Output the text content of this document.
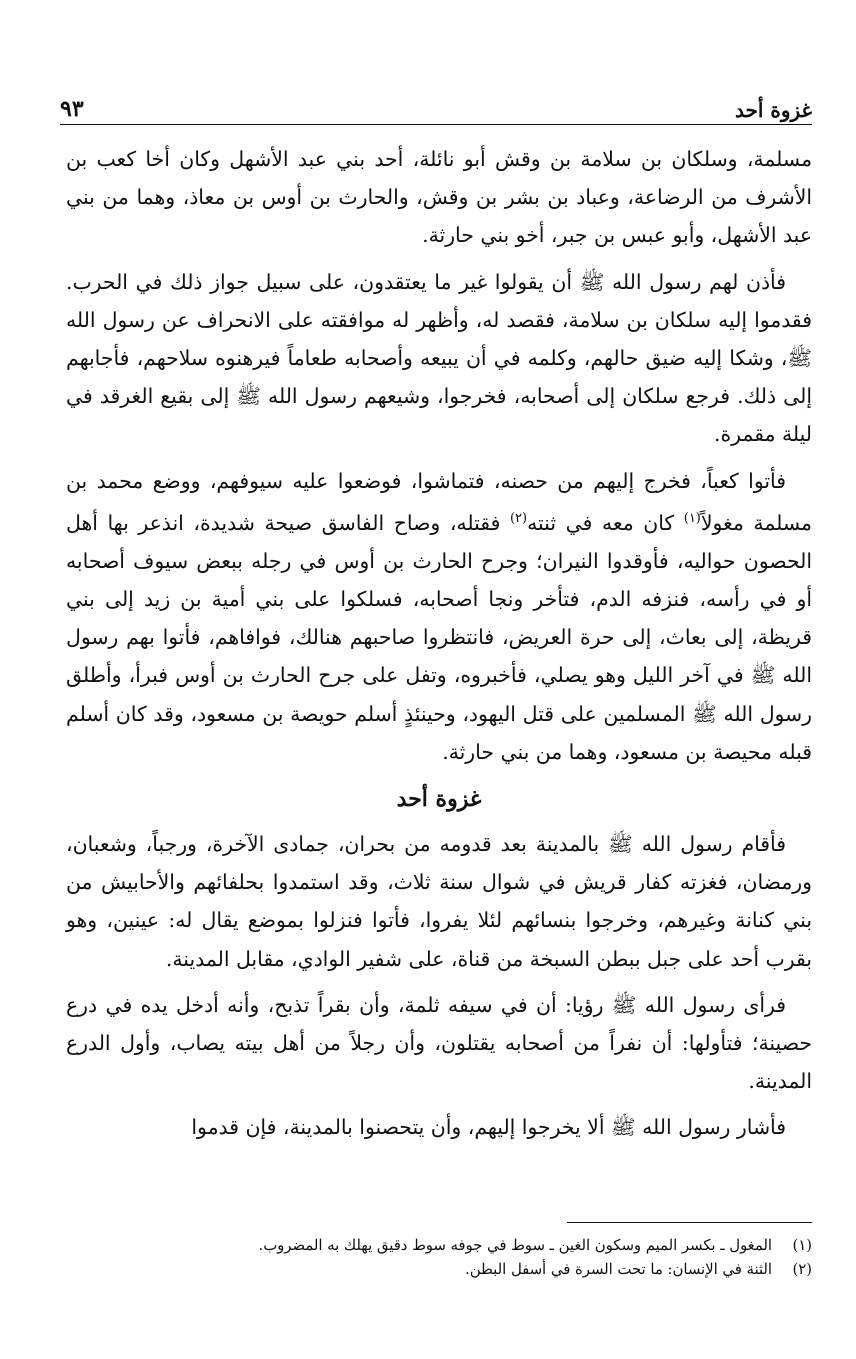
غزوة أحد
٩٣

مسلمة، وسلكان بن سلامة بن وقش أبو نائلة، أحد بني عبد الأشهل وكان أخا كعب بن الأشرف من الرضاعة، وعباد بن بشر بن وقش، والحارث بن أوس بن معاذ، وهما من بني عبد الأشهل، وأبو عبس بن جبر، أخو بني حارثة.

فأذن لهم رسول الله ﷺ أن يقولوا غير ما يعتقدون، على سبيل جواز ذلك في الحرب. فقدموا إليه سلكان بن سلامة، فقصد له، وأظهر له موافقته على الانحراف عن رسول الله ﷺ، وشكا إليه ضيق حالهم، وكلمه في أن يبيعه وأصحابه طعاماً فيرهنوه سلاحهم، فأجابهم إلى ذلك. فرجع سلكان إلى أصحابه، فخرجوا، وشيعهم رسول الله ﷺ إلى بقيع الغرقد في ليلة مقمرة.

فأتوا كعباً، فخرج إليهم من حصنه، فتماشوا، فوضعوا عليه سيوفهم، ووضع محمد بن مسلمة مغولاً$^{(١)}$ كان معه في ثنته$^{(٢)}$ فقتله، وصاح الفاسق صيحة شديدة، انذعر بها أهل الحصون حواليه، فأوقدوا النيران؛ وجرح الحارث بن أوس في رجله ببعض سيوف أصحابه أو في رأسه، فنزفه الدم، فتأخر ونجا أصحابه، فسلكوا على بني أمية بن زيد إلى بني قريظة، إلى بعاث، إلى حرة العريض، فانتظروا صاحبهم هنالك، فوافاهم، فأتوا بهم رسول الله ﷺ في آخر الليل وهو يصلي، فأخبروه، وتفل على جرح الحارث بن أوس فبرأ، وأطلق رسول الله ﷺ المسلمين على قتل اليهود، وحينئذٍ أسلم حويصة بن مسعود، وقد كان أسلم قبله محيصة بن مسعود، وهما من بني حارثة.

غزوة أحد

فأقام رسول الله ﷺ بالمدينة بعد قدومه من بحران، جمادى الآخرة، ورجباً، وشعبان، ورمضان، فغزته كفار قريش في شوال سنة ثلاث، وقد استمدوا بحلفائهم والأحابيش من بني كنانة وغيرهم، وخرجوا بنسائهم لئلا يفروا، فأتوا فنزلوا بموضع يقال له: عينين، وهو بقرب أحد على جبل ببطن السبخة من قناة، على شفير الوادي، مقابل المدينة.

فرأى رسول الله ﷺ رؤيا: أن في سيفه ثلمة، وأن بقراً تذبح، وأنه أدخل يده في درع حصينة؛ فتأولها: أن نفراً من أصحابه يقتلون، وأن رجلاً من أهل بيته يصاب، وأول الدرع المدينة.

فأشار رسول الله ﷺ ألا يخرجوا إليهم، وأن يتحصنوا بالمدينة، فإن قدموا

(١)
المغول ـ بكسر الميم وسكون الغين ـ سوط في جوفه سوط دقيق يهلك به المضروب.
(٢)
الثنة في الإنسان: ما تحت السرة في أسفل البطن.
